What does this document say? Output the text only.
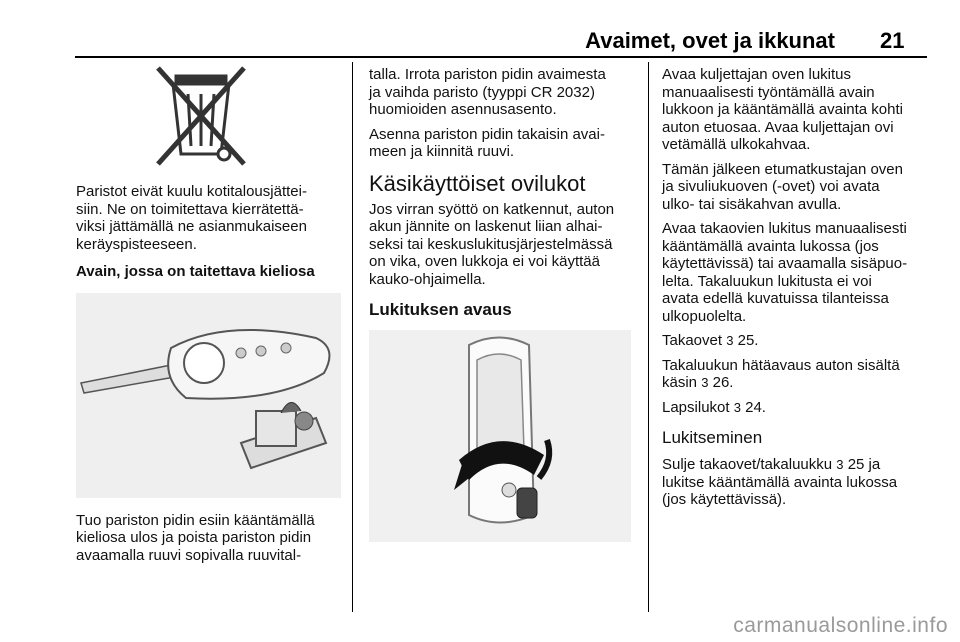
Avaimet, ovet ja ikkunat 21

Paristot eivät kuulu kotitalousjättei-
siin. Ne on toimitettava kierrätettä-
viksi jättämällä ne asianmukaiseen
keräyspisteeseen.

Avain, jossa on taitettava kieliosa

Tuo pariston pidin esiin kääntämällä
kieliosa ulos ja poista pariston pidin
avaamalla ruuvi sopivalla ruuvital-

talla. Irrota pariston pidin avaimesta
ja vaihda paristo (tyyppi CR 2032)
huomioiden asennusasento.

Asenna pariston pidin takaisin avai-
meen ja kiinnitä ruuvi.

Käsikäyttöiset ovilukot

Jos virran syöttö on katkennut, auton
akun jännite on laskenut liian alhai-
seksi tai keskuslukitusjärjestelmässä
on vika, oven lukkoja ei voi käyttää
kauko-ohjaimella.

Lukituksen avaus

Avaa kuljettajan oven lukitus
manuaalisesti työntämällä avain
lukkoon ja kääntämällä avainta kohti
auton etuosaa. Avaa kuljettajan ovi
vetämällä ulkokahvaa.

Tämän jälkeen etumatkustajan oven
ja sivuliukuoven (-ovet) voi avata
ulko- tai sisäkahvan avulla.

Avaa takaovien lukitus manuaalisesti
kääntämällä avainta lukossa (jos
käytettävissä) tai avaamalla sisäpuo-
lelta. Takaluukun lukitusta ei voi
avata edellä kuvatuissa tilanteissa
ulkopuolelta.

Takaovet 3 25.

Takaluukun hätäavaus auton sisältä
käsin 3 26.

Lapsilukot 3 24.

Lukitseminen

Sulje takaovet/takaluukku 3 25 ja
lukitse kääntämällä avainta lukossa
(jos käytettävissä).

carmanualsonline.info
